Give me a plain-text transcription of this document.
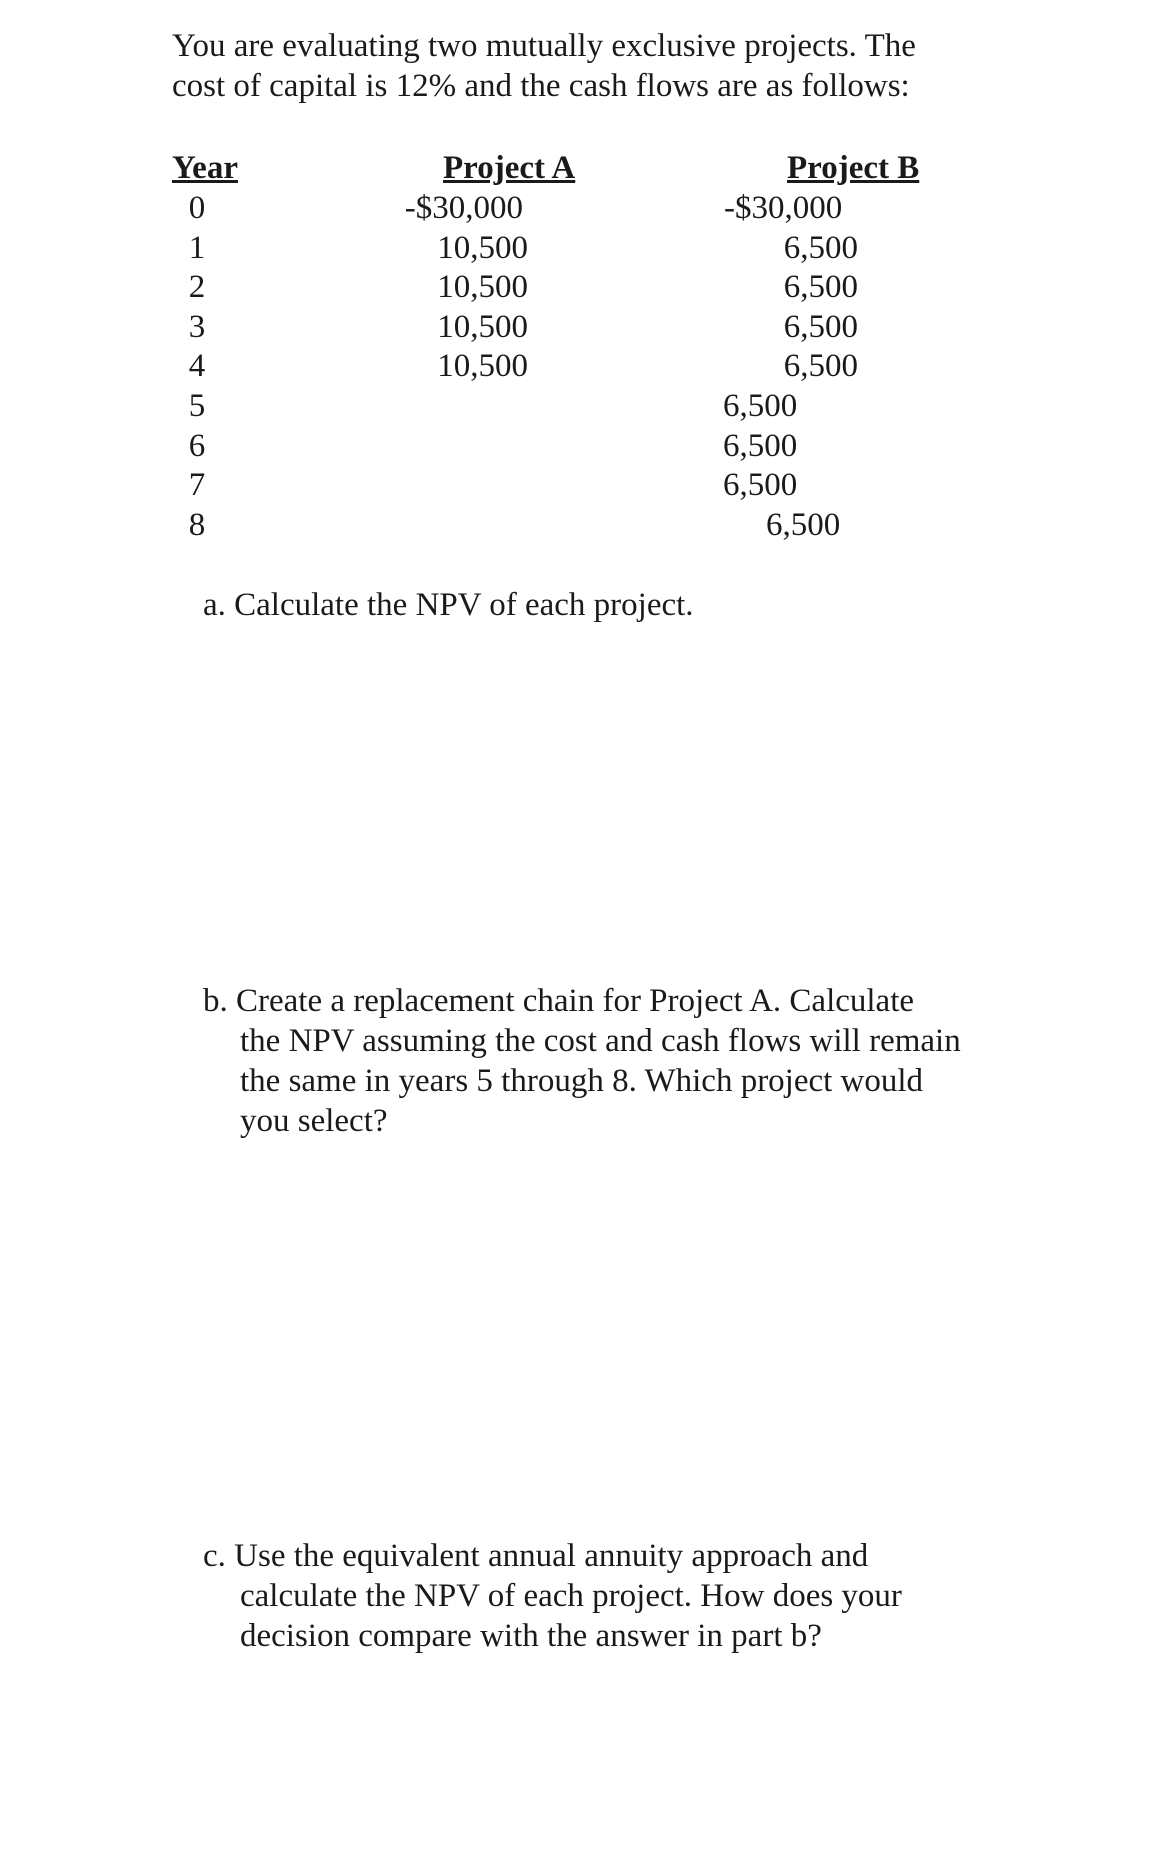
You are evaluating two mutually exclusive projects. The
cost of capital is 12% and the cash flows are as follows:

Year	Project A	Project B
0
1
2
3
4
5
6
7
8
-$30,000
10,500
10,500
10,500
10,500
-$30,000
6,500
6,500
6,500
6,500
6,500
6,500
6,500
6,500

a. Calculate the NPV of each project.

b. Create a replacement chain for Project A. Calculate
the NPV assuming the cost and cash flows will remain
the same in years 5 through 8. Which project would
you select?

c. Use the equivalent annual annuity approach and
calculate the NPV of each project. How does your
decision compare with the answer in part b?
